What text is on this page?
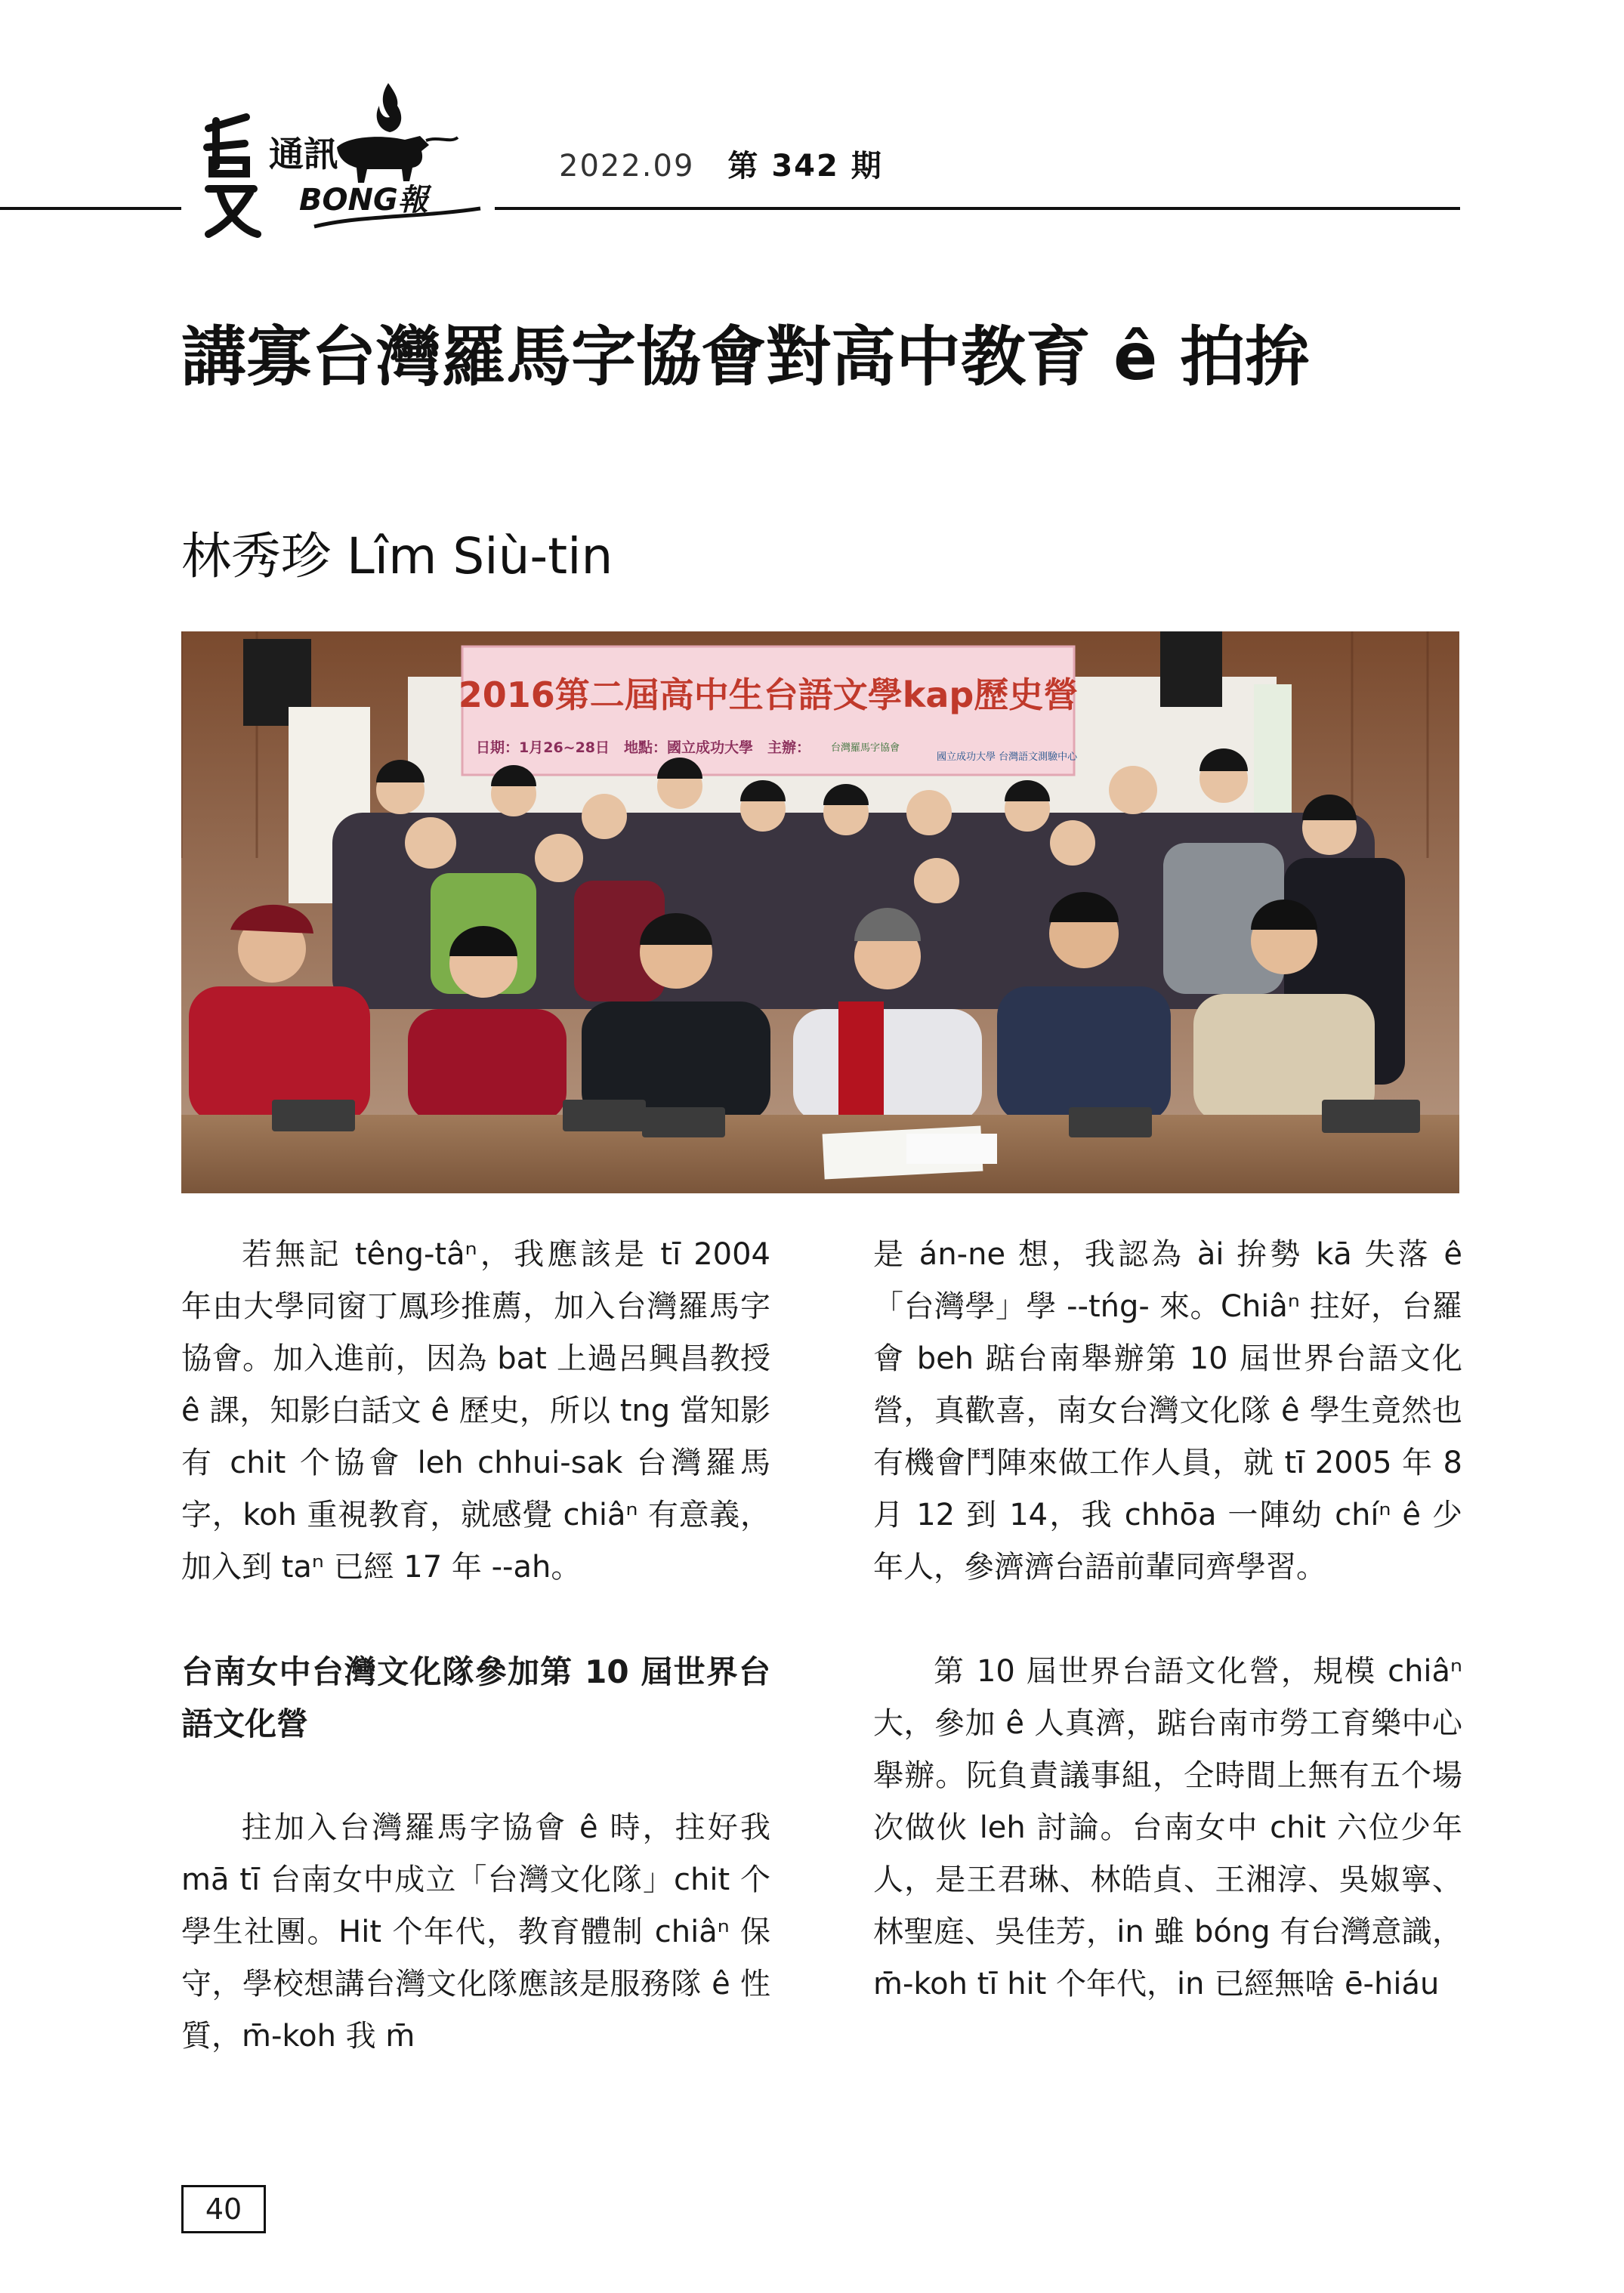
通訊
BONG報
2022.09 第 342 期
講寡台灣羅馬字協會對高中教育 ê 拍拚
林秀珍 Lîm Siù-tin
2016第二屆高中生台語文學kap歷史營
日期：1月26~28日　地點：國立成功大學　主辦： 台灣羅馬字協會
國立成功大學 台灣語文測驗中心

若無記 têng-tâⁿ，我應該是 tī 2004 年由大學同窗丁鳳珍推薦，加入台灣羅馬字協會。加入進前，因為 bat 上過呂興昌教授 ê 課，知影白話文 ê 歷史，所以 tng 當知影有 chit 个協會 leh chhui-sak 台灣羅馬字，koh 重視教育，就感覺 chiâⁿ 有意義，加入到 taⁿ 已經 17 年 --ah。

台南女中台灣文化隊參加第 10 屆世界台語文化營

拄加入台灣羅馬字協會 ê 時，拄好我 mā tī 台南女中成立「台灣文化隊」chit 个學生社團。Hit 个年代，教育體制 chiâⁿ 保守，學校想講台灣文化隊應該是服務隊 ê 性質，m̄-koh 我 m̄

是 án-ne 想，我認為 ài 拚勢 kā 失落 ê「台灣學」學 --tńg- 來。Chiâⁿ 拄好，台羅會 beh 踮台南舉辦第 10 屆世界台語文化營，真歡喜，南女台灣文化隊 ê 學生竟然也有機會鬥陣來做工作人員，就 tī 2005 年 8 月 12 到 14，我 chhōa 一陣幼 chíⁿ ê 少年人，參濟濟台語前輩同齊學習。

第 10 屆世界台語文化營，規模 chiâⁿ 大，參加 ê 人真濟，踮台南市勞工育樂中心舉辦。阮負責議事組，仝時間上無有五个場次做伙 leh 討論。台南女中 chit 六位少年人，是王君琳、林皓貞、王湘淳、吳婌寧、林聖庭、吳佳芳，in 雖 bóng 有台灣意識，m̄-koh tī hit 个年代，in 已經無啥 ē-hiáu

40
